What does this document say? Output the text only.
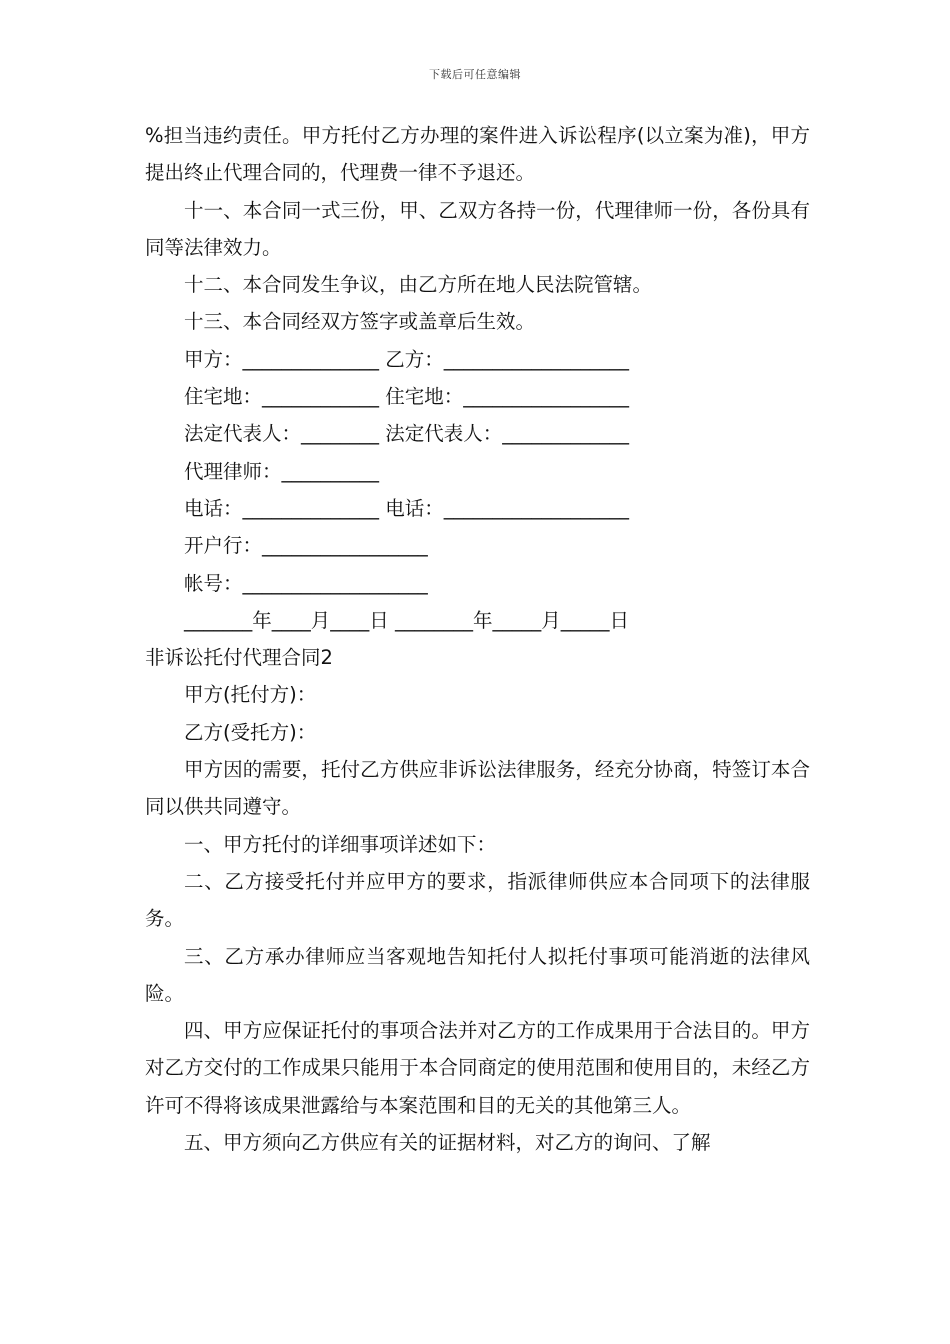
下载后可任意编辑

%担当违约责任。甲方托付乙方办理的案件进入诉讼程序(以立案为准)，甲方提出终止代理合同的，代理费一律不予退还。

十一、本合同一式三份，甲、乙双方各持一份，代理律师一份，各份具有同等法律效力。

十二、本合同发生争议，由乙方所在地人民法院管辖。

十三、本合同经双方签字或盖章后生效。

甲方：______________ 乙方：___________________

住宅地：____________ 住宅地：_________________

法定代表人：________ 法定代表人：_____________

代理律师：__________

电话：______________ 电话：___________________

开户行：_________________

帐号：___________________

_______年____月____日 ________年_____月_____日

非诉讼托付代理合同2

甲方(托付方)：

乙方(受托方)：

甲方因的需要，托付乙方供应非诉讼法律服务，经充分协商，特签订本合同以供共同遵守。

一、甲方托付的详细事项详述如下：

二、乙方接受托付并应甲方的要求，指派律师供应本合同项下的法律服务。

三、乙方承办律师应当客观地告知托付人拟托付事项可能消逝的法律风险。

四、甲方应保证托付的事项合法并对乙方的工作成果用于合法目的。甲方对乙方交付的工作成果只能用于本合同商定的使用范围和使用目的，未经乙方许可不得将该成果泄露给与本案范围和目的无关的其他第三人。

五、甲方须向乙方供应有关的证据材料，对乙方的询问、了解
